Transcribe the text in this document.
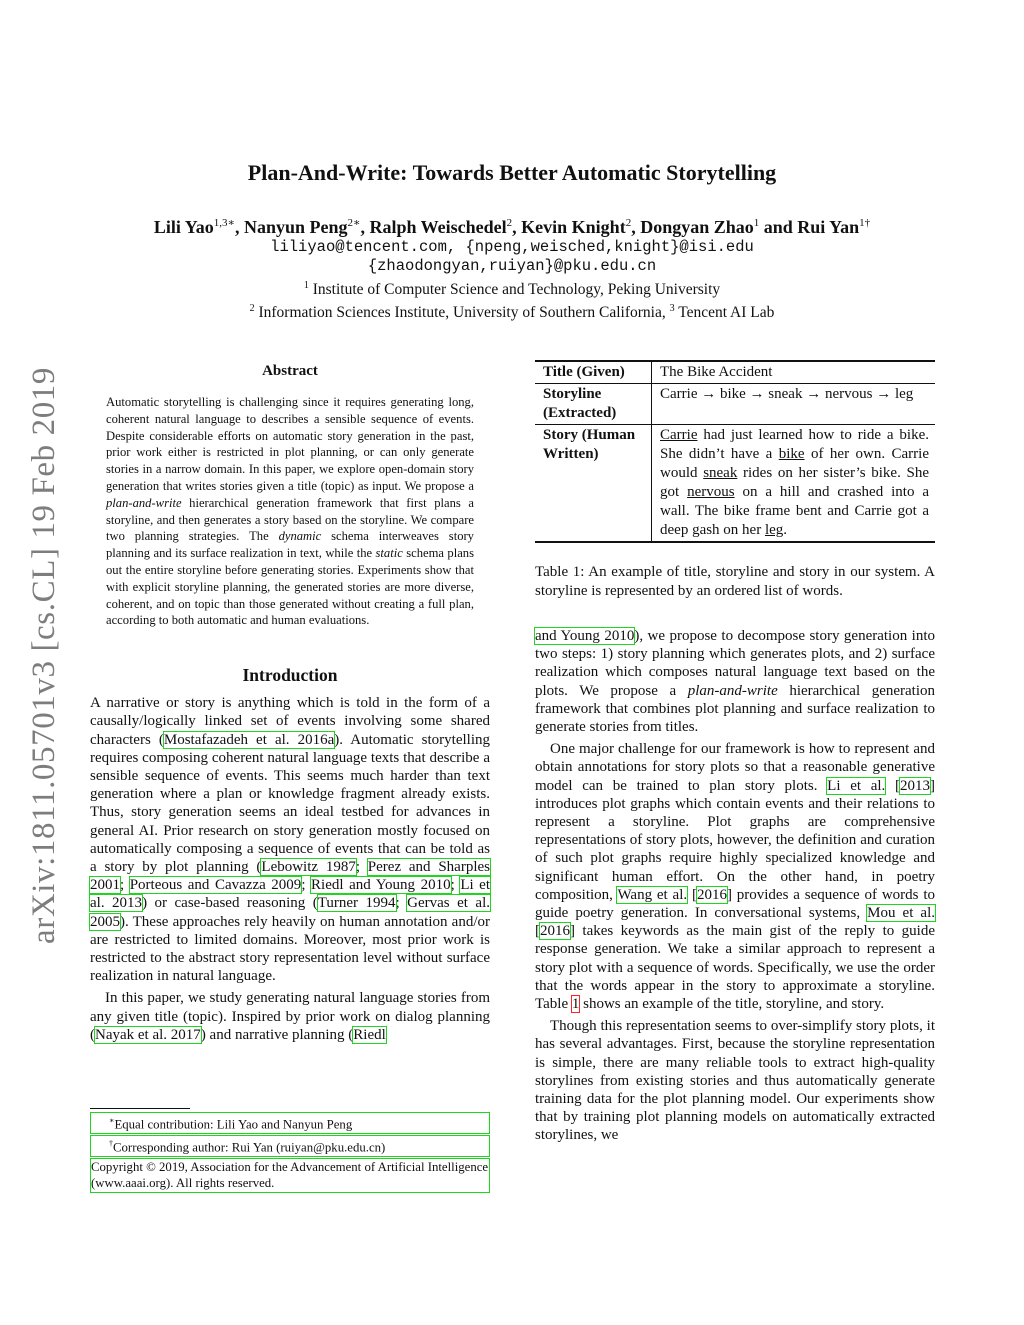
arXiv:1811.05701v3 [cs.CL] 19 Feb 2019
Plan-And-Write: Towards Better Automatic Storytelling
Lili Yao$^{1,3∗}$, Nanyun Peng$^{2∗}$, Ralph Weischedel$^2$, Kevin Knight$^2$, Dongyan Zhao$^1$ and Rui Yan$^{1\dagger}$
liliyao@tencent.com, {npeng,weisched,knight}@isi.edu
{zhaodongyan,ruiyan}@pku.edu.cn
$^1$ Institute of Computer Science and Technology, Peking University
$^2$ Information Sciences Institute, University of Southern California, $^3$ Tencent AI Lab
Abstract

Automatic storytelling is challenging since it requires generating long, coherent natural language to describes a sensible sequence of events. Despite considerable efforts on automatic story generation in the past, prior work either is restricted in plot planning, or can only generate stories in a narrow domain. In this paper, we explore open-domain story generation that writes stories given a title (topic) as input. We propose a plan-and-write hierarchical generation framework that first plans a storyline, and then generates a story based on the storyline. We compare two planning strategies. The dynamic schema interweaves story planning and its surface realization in text, while the static schema plans out the entire storyline before generating stories. Experiments show that with explicit storyline planning, the generated stories are more diverse, coherent, and on topic than those generated without creating a full plan, according to both automatic and human evaluations.

Introduction

A narrative or story is anything which is told in the form of a causally/logically linked set of events involving some shared characters (Mostafazadeh et al. 2016a). Automatic storytelling requires composing coherent natural language texts that describe a sensible sequence of events. This seems much harder than text generation where a plan or knowledge fragment already exists. Thus, story generation seems an ideal testbed for advances in general AI. Prior research on story generation mostly focused on automatically composing a sequence of events that can be told as a story by plot planning (Lebowitz 1987; Perez and Sharples 2001; Porteous and Cavazza 2009; Riedl and Young 2010; Li et al. 2013) or case-based reasoning (Turner 1994; Gervas et al. 2005). These approaches rely heavily on human annotation and/or are restricted to limited domains. Moreover, most prior work is restricted to the abstract story representation level without surface realization in natural language.

In this paper, we study generating natural language stories from any given title (topic). Inspired by prior work on dialog planning (Nayak et al. 2017) and narrative planning (Riedl

∗Equal contribution: Lili Yao and Nanyun Peng
†Corresponding author: Rui Yan (ruiyan@pku.edu.cn)
Copyright © 2019, Association for the Advancement of Artificial Intelligence (www.aaai.org). All rights reserved.
Title (Given)	The Bike Accident
Storyline (Extracted)	Carrie → bike → sneak → nervous → leg
Story (Human Written)	Carrie had just learned how to ride a bike. She didn’t have a bike of her own. Carrie would sneak rides on her sister’s bike. She got nervous on a hill and crashed into a wall. The bike frame bent and Carrie got a deep gash on her leg.
Table 1: An example of title, storyline and story in our system. A storyline is represented by an ordered list of words.

and Young 2010), we propose to decompose story generation into two steps: 1) story planning which generates plots, and 2) surface realization which composes natural language text based on the plots. We propose a plan-and-write hierarchical generation framework that combines plot planning and surface realization to generate stories from titles.

One major challenge for our framework is how to represent and obtain annotations for story plots so that a reasonable generative model can be trained to plan story plots. Li et al. [2013] introduces plot graphs which contain events and their relations to represent a storyline. Plot graphs are comprehensive representations of story plots, however, the definition and curation of such plot graphs require highly specialized knowledge and significant human effort. On the other hand, in poetry composition, Wang et al. [2016] provides a sequence of words to guide poetry generation. In conversational systems, Mou et al. [2016] takes keywords as the main gist of the reply to guide response generation. We take a similar approach to represent a story plot with a sequence of words. Specifically, we use the order that the words appear in the story to approximate a storyline. Table 1 shows an example of the title, storyline, and story.

Though this representation seems to over-simplify story plots, it has several advantages. First, because the storyline representation is simple, there are many reliable tools to extract high-quality storylines from existing stories and thus automatically generate training data for the plot planning model. Our experiments show that by training plot planning models on automatically extracted storylines, we
